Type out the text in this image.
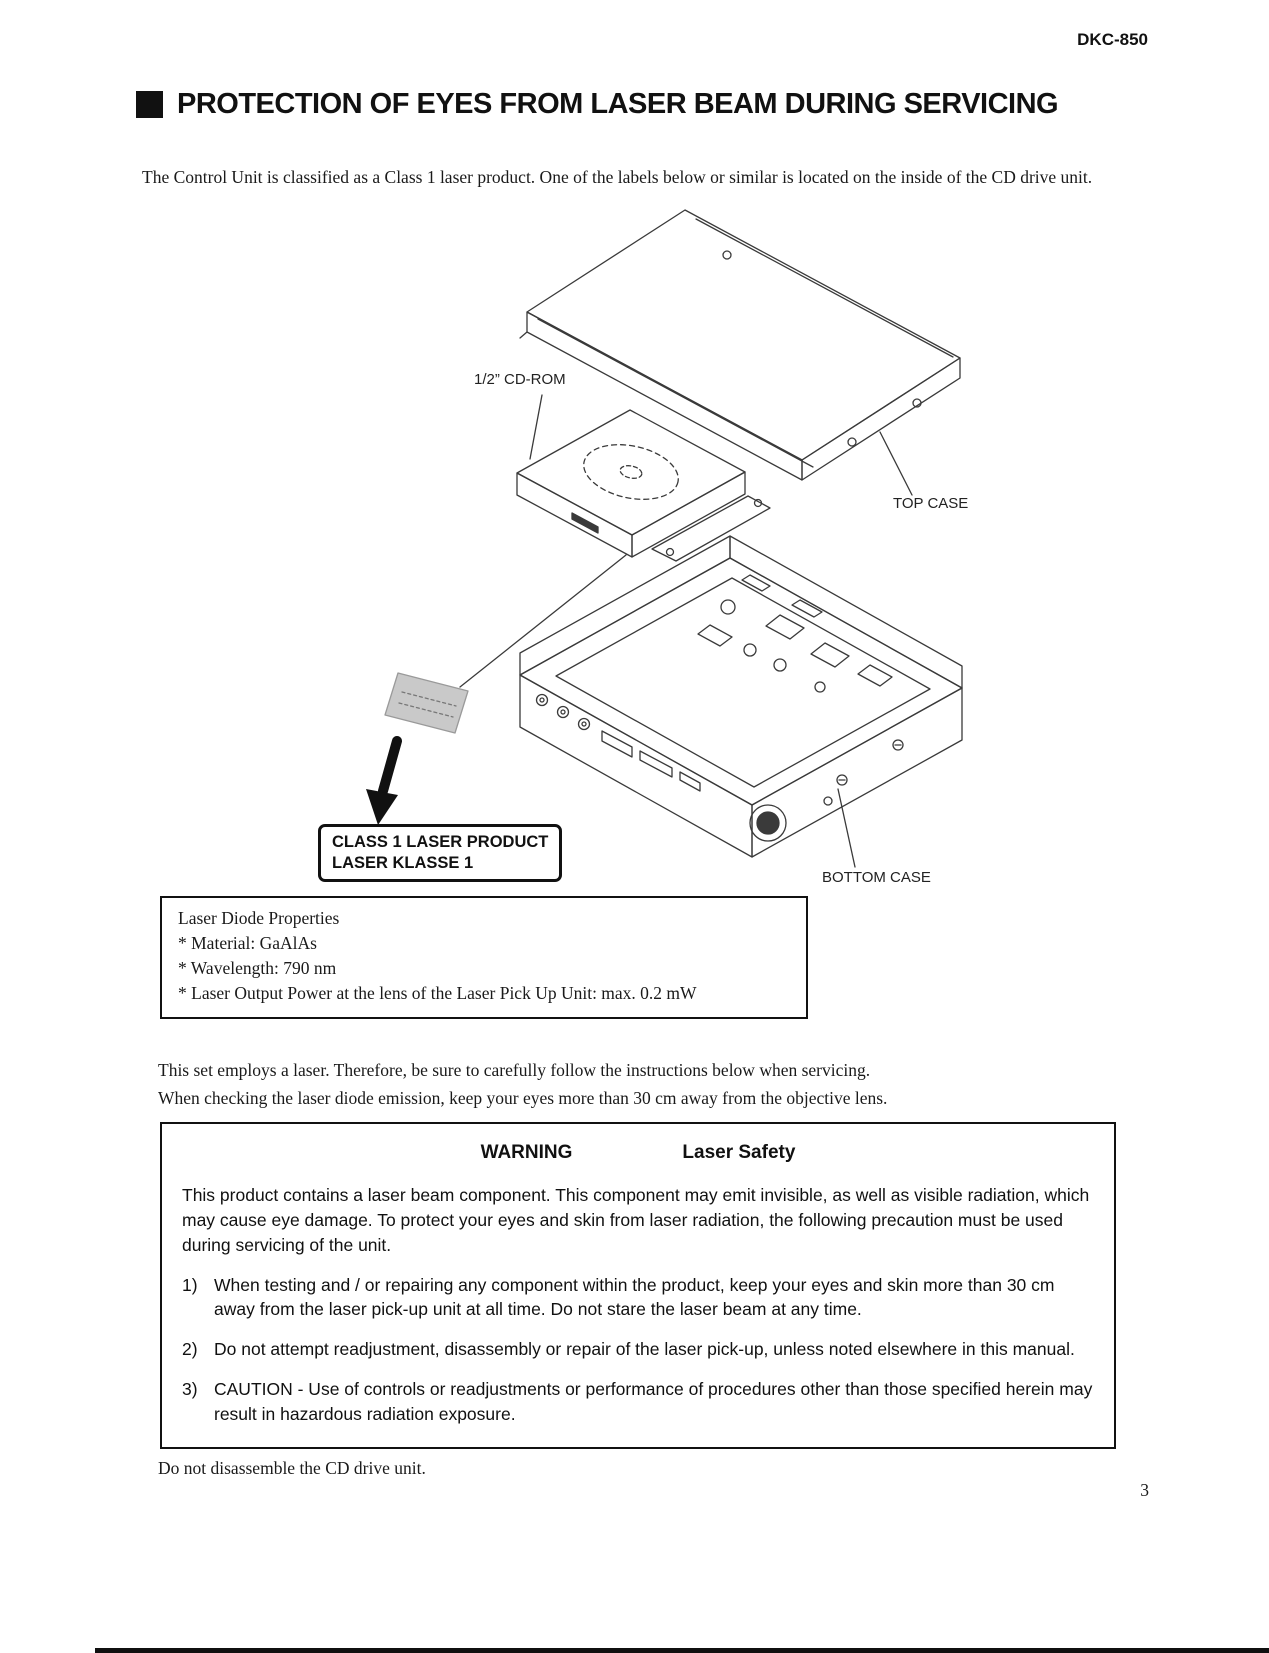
DKC-850
PROTECTION OF EYES FROM LASER BEAM DURING SERVICING
The Control Unit is classified as a Class 1 laser product. One of the labels below or similar is located on the inside of the CD drive unit.
1/2” CD-ROM
TOP CASE
BOTTOM CASE
CLASS 1 LASER PRODUCT
LASER KLASSE 1
Laser Diode Properties
* Material: GaAlAs
* Wavelength: 790 nm
* Laser Output Power at the lens of the Laser Pick Up Unit: max. 0.2 mW
This set employs a laser. Therefore, be sure to carefully follow the instructions below when servicing.
When checking the laser diode emission, keep your eyes more than 30 cm away from the objective lens.
WARNING	Laser Safety
This product contains a laser beam component. This component may emit invisible, as well as visible radiation, which may cause eye damage. To protect your eyes and skin from laser radiation, the following precaution must be used during servicing of the unit.
1) When testing and / or repairing any component within the product, keep your eyes and skin more than 30 cm away from the laser pick-up unit at all time. Do not stare the laser beam at any time.
2) Do not attempt readjustment, disassembly or repair of the laser pick-up, unless noted elsewhere in this manual.
3) CAUTION - Use of controls or readjustments or performance of procedures other than those specified herein may result in hazardous radiation exposure.
Do not disassemble the CD drive unit.
3
